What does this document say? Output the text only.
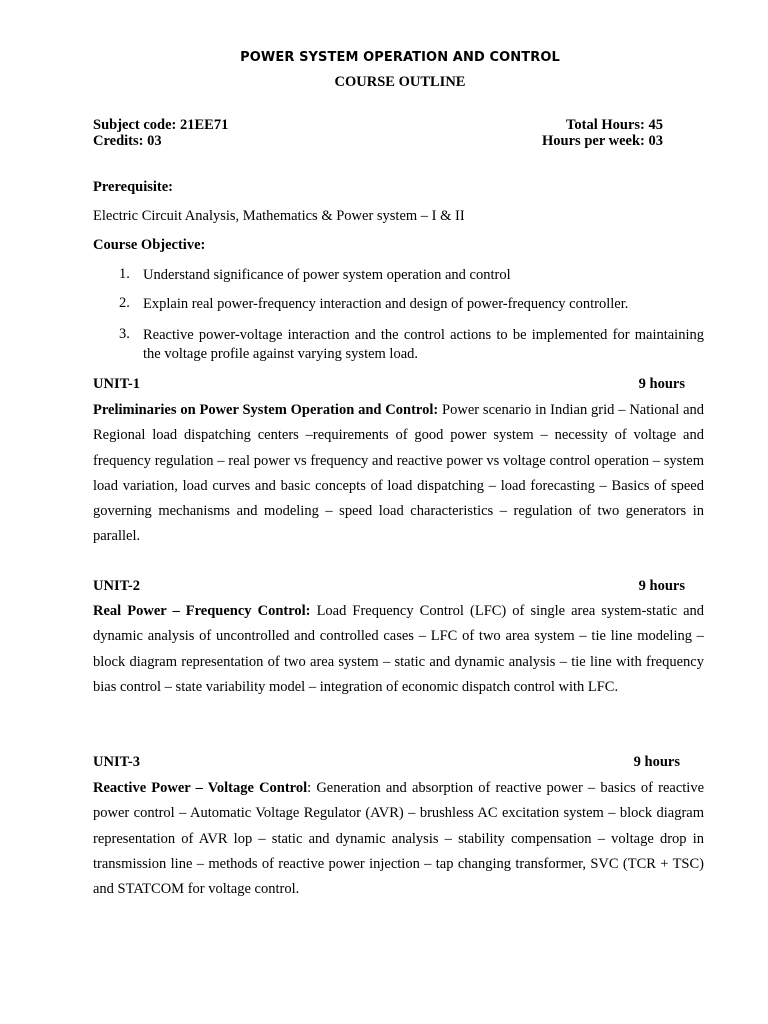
POWER SYSTEM OPERATION AND CONTROL
COURSE OUTLINE
Subject code: 21EE71	Total Hours: 45
Credits: 03	Hours per week: 03
Prerequisite:
Electric Circuit Analysis, Mathematics & Power system – I & II
Course Objective:
1. Understand significance of power system operation and control
2. Explain real power-frequency interaction and design of power-frequency controller.
3. Reactive power-voltage interaction and the control actions to be implemented for maintaining the voltage profile against varying system load.
UNIT-1	9 hours

Preliminaries on Power System Operation and Control: Power scenario in Indian grid – National and Regional load dispatching centers –requirements of good power system – necessity of voltage and frequency regulation – real power vs frequency and reactive power vs voltage control operation – system load variation, load curves and basic concepts of load dispatching – load forecasting – Basics of speed governing mechanisms and modeling – speed load characteristics – regulation of two generators in parallel.

UNIT-2	9 hours

Real Power – Frequency Control: Load Frequency Control (LFC) of single area system-static and dynamic analysis of uncontrolled and controlled cases – LFC of two area system – tie line modeling – block diagram representation of two area system – static and dynamic analysis – tie line with frequency bias control – state variability model – integration of economic dispatch control with LFC.

UNIT-3	9 hours

Reactive Power – Voltage Control: Generation and absorption of reactive power – basics of reactive power control – Automatic Voltage Regulator (AVR) – brushless AC excitation system – block diagram representation of AVR lop – static and dynamic analysis – stability compensation – voltage drop in transmission line – methods of reactive power injection – tap changing transformer, SVC (TCR + TSC) and STATCOM for voltage control.
